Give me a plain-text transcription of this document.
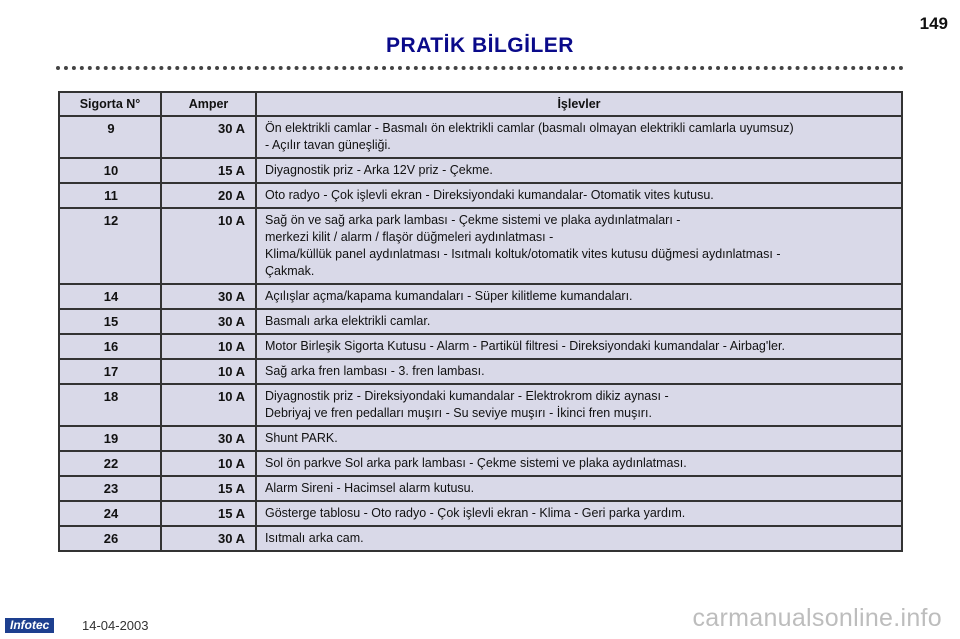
149
PRATİK BİLGİLER
Sigorta N°	Amper	İşlevler
9	30 A	Ön elektrikli camlar - Basmalı ön elektrikli camlar (basmalı olmayan elektrikli camlarla uyumsuz)
- Açılır tavan güneşliği.

10	15 A	Diyagnostik priz - Arka 12V priz - Çekme.

11	20 A	Oto radyo - Çok işlevli ekran - Direksiyondaki kumandalar- Otomatik vites kutusu.

12	10 A	Sağ ön ve sağ arka park lambası - Çekme sistemi ve plaka aydınlatmaları -
merkezi kilit / alarm / flaşör düğmeleri aydınlatması -
Klima/küllük panel aydınlatması - Isıtmalı koltuk/otomatik vites kutusu düğmesi aydınlatması -
Çakmak.

14	30 A	Açılışlar açma/kapama kumandaları - Süper kilitleme kumandaları.

15	30 A	Basmalı arka elektrikli camlar.

16	10 A	Motor Birleşik Sigorta Kutusu - Alarm - Partikül filtresi - Direksiyondaki kumandalar - Airbag'ler.

17	10 A	Sağ arka fren lambası - 3. fren lambası.

18	10 A	Diyagnostik priz - Direksiyondaki kumandalar - Elektrokrom dikiz aynası -
Debriyaj ve fren pedalları muşırı - Su seviye muşırı - İkinci fren muşırı.

19	30 A	Shunt PARK.

22	10 A	Sol ön parkve Sol arka park lambası - Çekme sistemi ve plaka aydınlatması.

23	15 A	Alarm Sireni - Hacimsel alarm kutusu.

24	15 A	Gösterge tablosu - Oto radyo - Çok işlevli ekran - Klima - Geri parka yardım.

26	30 A	Isıtmalı arka cam.
Infotec	14-04-2003	carmanualsonline.info
